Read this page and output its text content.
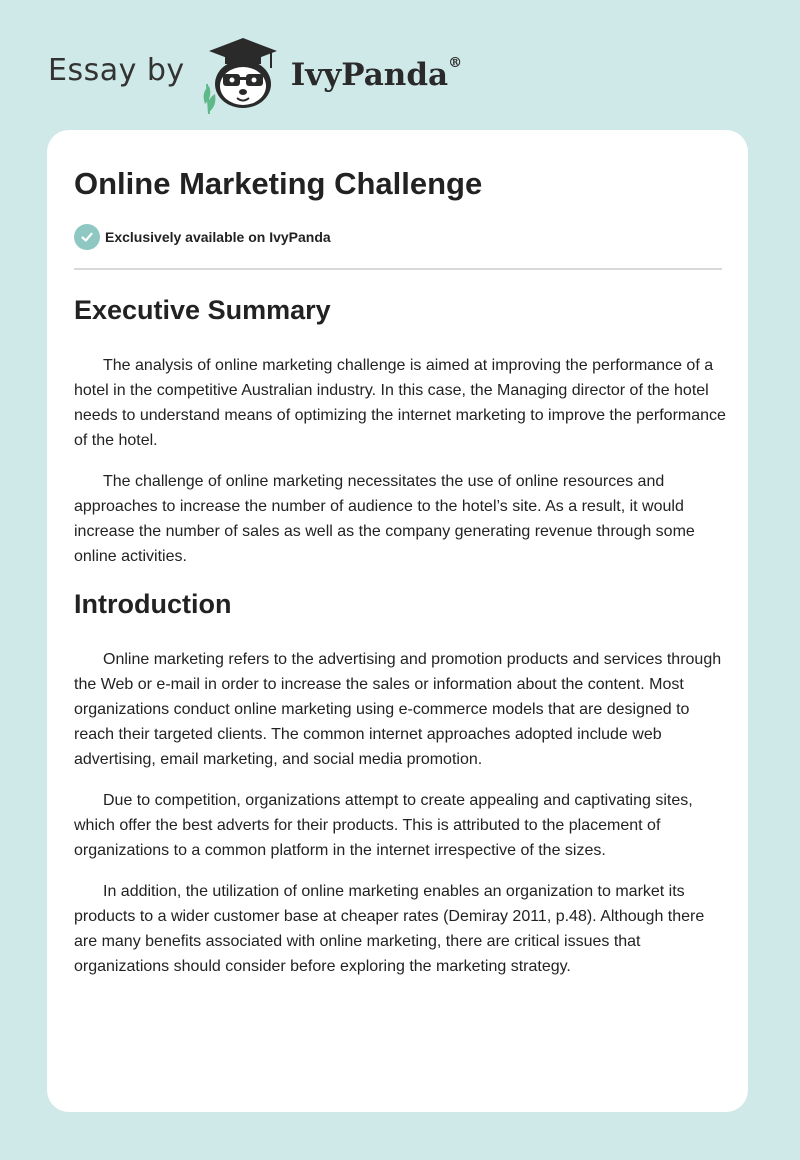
Essay by	IvyPanda®
Online Marketing Challenge
Exclusively available on IvyPanda
Executive Summary

The analysis of online marketing challenge is aimed at improving the performance of a hotel in the competitive Australian industry. In this case, the Managing director of the hotel needs to understand means of optimizing the internet marketing to improve the performance of the hotel.

The challenge of online marketing necessitates the use of online resources and approaches to increase the number of audience to the hotel’s site. As a result, it would increase the number of sales as well as the company generating revenue through some online activities.

Introduction

Online marketing refers to the advertising and promotion products and services through the Web or e-mail in order to increase the sales or information about the content. Most organizations conduct online marketing using e-commerce models that are designed to reach their targeted clients. The common internet approaches adopted include web advertising, email marketing, and social media promotion.

Due to competition, organizations attempt to create appealing and captivating sites, which offer the best adverts for their products. This is attributed to the placement of organizations to a common platform in the internet irrespective of the sizes.

In addition, the utilization of online marketing enables an organization to market its products to a wider customer base at cheaper rates (Demiray 2011, p.48). Although there are many benefits associated with online marketing, there are critical issues that organizations should consider before exploring the marketing strategy.
